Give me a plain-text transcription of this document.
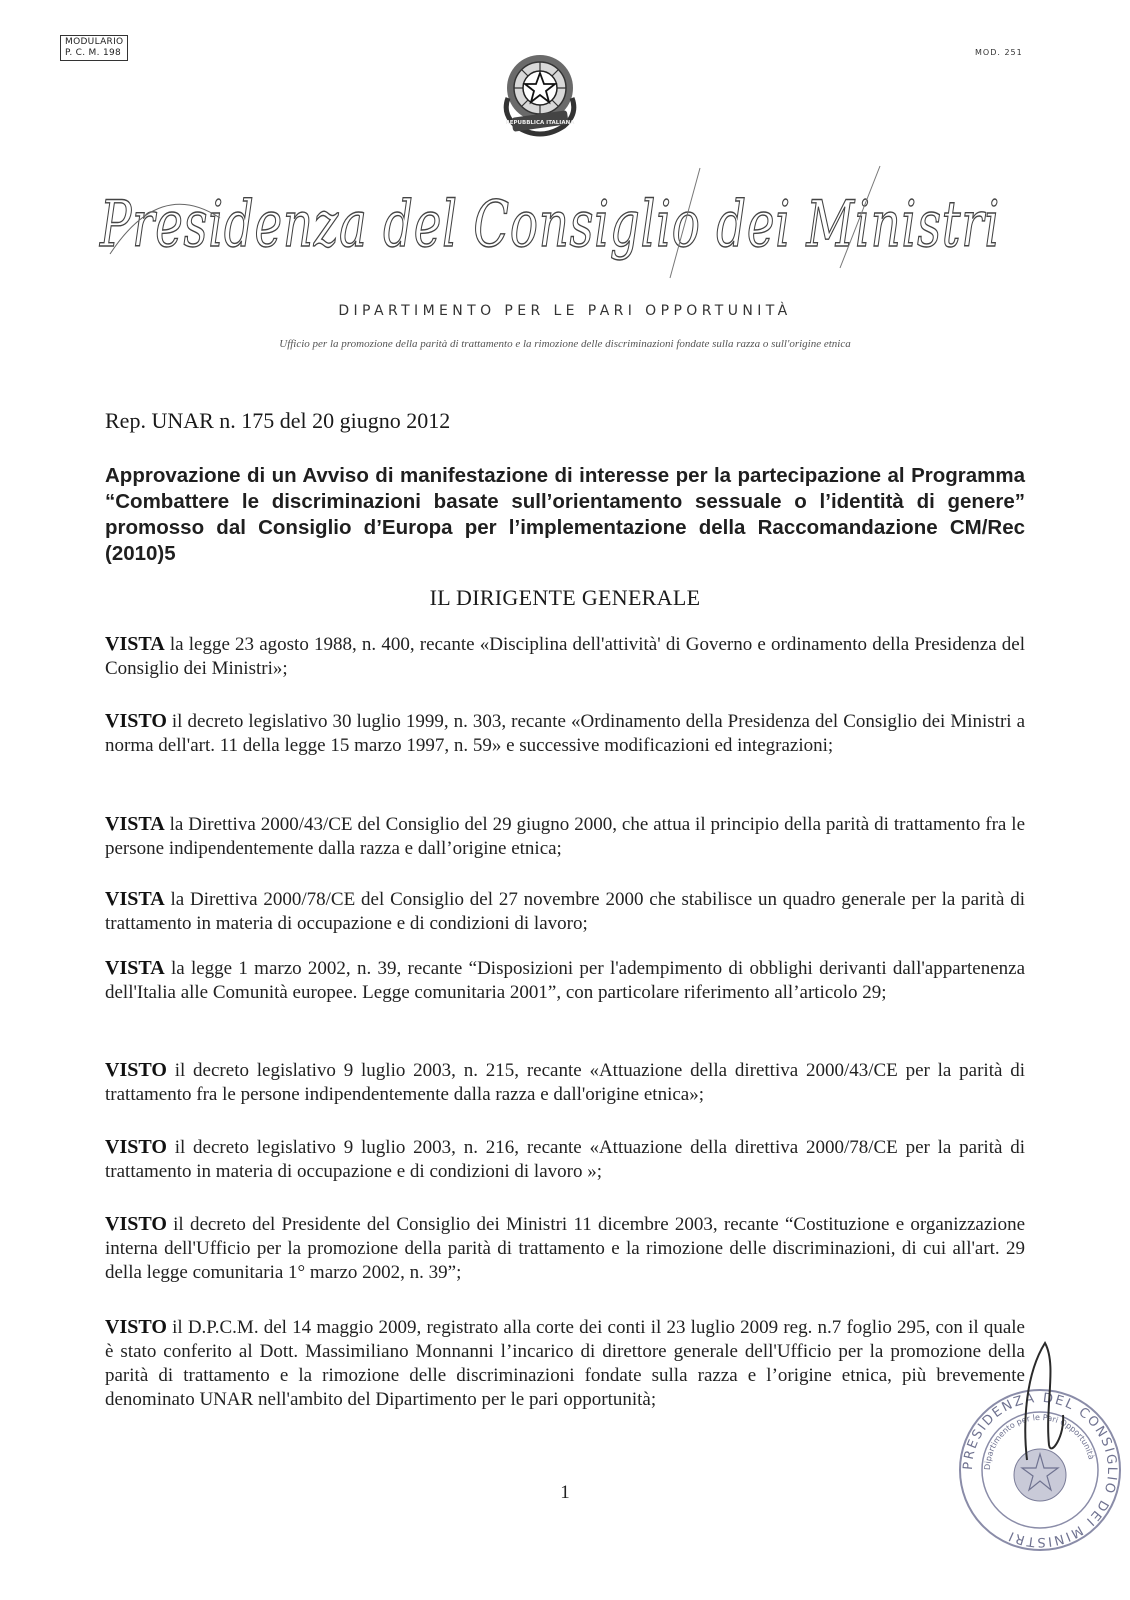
MODULARIO
P. C. M. 198	MOD. 251
REPUBBLICA ITALIANA
Presidenza del Consiglio dei Ministri
DIPARTIMENTO PER LE PARI OPPORTUNITÀ
Ufficio per la promozione della parità di trattamento e la rimozione delle discriminazioni fondate sulla razza o sull'origine etnica
Rep. UNAR n. 175 del 20 giugno 2012
Approvazione di un Avviso di manifestazione di interesse per la partecipazione al Programma “Combattere le discriminazioni basate sull’orientamento sessuale o l’identità di genere” promosso dal Consiglio d’Europa per l’implementazione della Raccomandazione CM/Rec (2010)5
IL DIRIGENTE GENERALE
VISTA la legge 23 agosto 1988, n. 400, recante «Disciplina dell'attività' di Governo e ordinamento della Presidenza del Consiglio dei Ministri»;
VISTO il decreto legislativo 30 luglio 1999, n. 303, recante «Ordinamento della Presidenza del Consiglio dei Ministri a norma dell'art. 11 della legge 15 marzo 1997, n. 59» e successive modificazioni ed integrazioni;
VISTA la Direttiva 2000/43/CE del Consiglio del 29 giugno 2000, che attua il principio della parità di trattamento fra le persone indipendentemente dalla razza e dall’origine etnica;
VISTA la Direttiva 2000/78/CE del Consiglio del 27 novembre 2000 che stabilisce un quadro generale per la parità di trattamento in materia di occupazione e di condizioni di lavoro;
VISTA la legge 1 marzo 2002, n. 39, recante “Disposizioni per l'adempimento di obblighi derivanti dall'appartenenza dell'Italia alle Comunità europee. Legge comunitaria 2001”, con particolare riferimento all’articolo 29;
VISTO il decreto legislativo 9 luglio 2003, n. 215, recante «Attuazione della direttiva 2000/43/CE per la parità di trattamento fra le persone indipendentemente dalla razza e dall'origine etnica»;
VISTO il decreto legislativo 9 luglio 2003, n. 216, recante «Attuazione della direttiva 2000/78/CE per la parità di trattamento in materia di occupazione e di condizioni di lavoro »;
VISTO il decreto del Presidente del Consiglio dei Ministri 11 dicembre 2003, recante “Costituzione e organizzazione interna dell'Ufficio per la promozione della parità di trattamento e la rimozione delle discriminazioni, di cui all'art. 29 della legge comunitaria 1° marzo 2002, n. 39”;
VISTO il D.P.C.M. del 14 maggio 2009, registrato alla corte dei conti il 23 luglio 2009 reg. n.7 foglio 295, con il quale è stato conferito al Dott. Massimiliano Monnanni l’incarico di direttore generale dell'Ufficio per la promozione della parità di trattamento e la rimozione delle discriminazioni fondate sulla razza e l’origine etnica, più brevemente denominato UNAR nell'ambito del Dipartimento per le pari opportunità;
1
PRESIDENZA DEL CONSIGLIO DEI MINISTRI
Dipartimento per le Pari Opportunità
